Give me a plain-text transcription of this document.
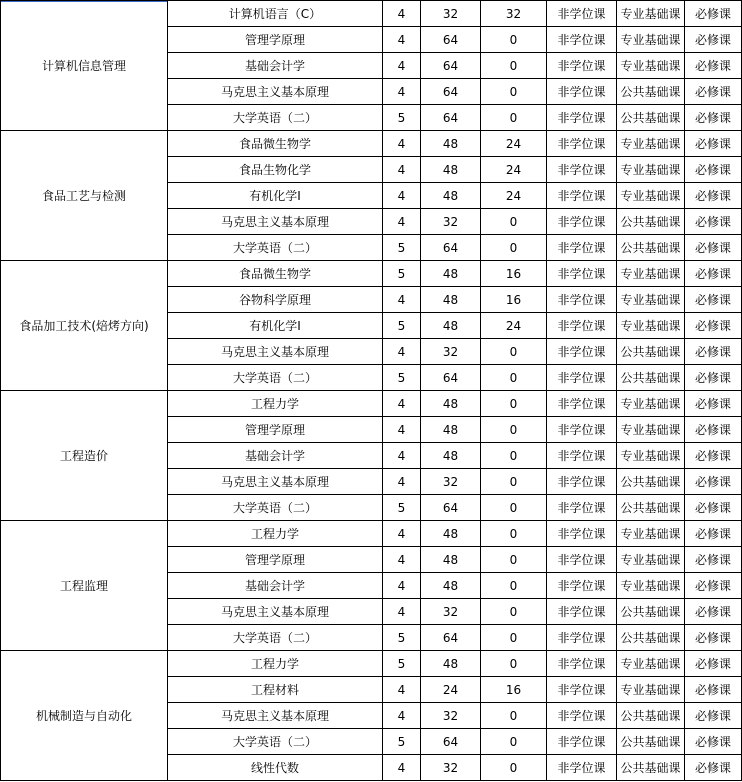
计算机信息管理	计算机语言（C）	4	32	32	非学位课	专业基础课	必修课
	管理学原理	4	64	0	非学位课	专业基础课	必修课
	基础会计学	4	64	0	非学位课	专业基础课	必修课
	马克思主义基本原理	4	64	0	非学位课	公共基础课	必修课
	大学英语（二）	5	64	0	非学位课	公共基础课	必修课
食品工艺与检测	食品微生物学	4	48	24	非学位课	专业基础课	必修课
	食品生物化学	4	48	24	非学位课	专业基础课	必修课
	有机化学I	4	48	24	非学位课	专业基础课	必修课
	马克思主义基本原理	4	32	0	非学位课	公共基础课	必修课
	大学英语（二）	5	64	0	非学位课	公共基础课	必修课
食品加工技术(焙烤方向)	食品微生物学	5	48	16	非学位课	专业基础课	必修课
	谷物科学原理	4	48	16	非学位课	专业基础课	必修课
	有机化学I	5	48	24	非学位课	专业基础课	必修课
	马克思主义基本原理	4	32	0	非学位课	公共基础课	必修课
	大学英语（二）	5	64	0	非学位课	公共基础课	必修课
工程造价	工程力学	4	48	0	非学位课	专业基础课	必修课
	管理学原理	4	48	0	非学位课	专业基础课	必修课
	基础会计学	4	48	0	非学位课	专业基础课	必修课
	马克思主义基本原理	4	32	0	非学位课	公共基础课	必修课
	大学英语（二）	5	64	0	非学位课	公共基础课	必修课
工程监理	工程力学	4	48	0	非学位课	专业基础课	必修课
	管理学原理	4	48	0	非学位课	专业基础课	必修课
	基础会计学	4	48	0	非学位课	专业基础课	必修课
	马克思主义基本原理	4	32	0	非学位课	公共基础课	必修课
	大学英语（二）	5	64	0	非学位课	公共基础课	必修课
机械制造与自动化	工程力学	5	48	0	非学位课	专业基础课	必修课
	工程材料	4	24	16	非学位课	专业基础课	必修课
	马克思主义基本原理	4	32	0	非学位课	公共基础课	必修课
	大学英语（二）	5	64	0	非学位课	公共基础课	必修课
	线性代数	4	32	0	非学位课	公共基础课	必修课
